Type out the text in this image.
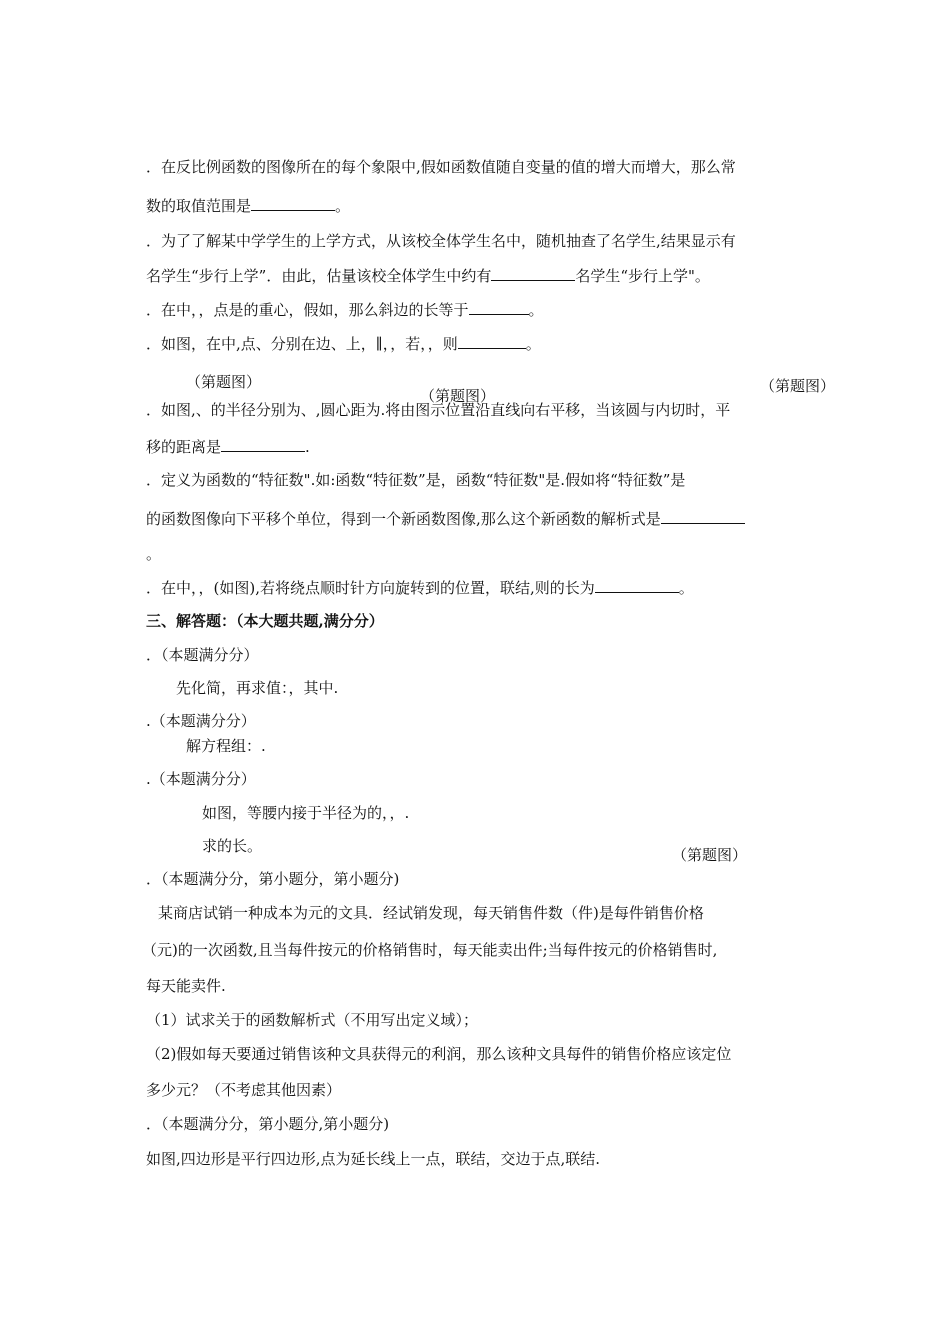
．在反比例函数的图像所在的每个象限中,假如函数值随自变量的值的增大而增大，那么常
数的取值范围是	。
．为了了解某中学学生的上学方式，从该校全体学生名中，随机抽查了名学生,结果显示有
名学生“步行上学”．由此，估量该校全体学生中约有	名学生“步行上学"。
．在中，，点是的重心，假如，那么斜边的长等于	。
．如图，在中,点、分别在边、上，∥，，若，，则	。
（第题图）
（第题图）
（第题图）
．如图,、的半径分别为、,圆心距为.将由图示位置沿直线向右平移，当该圆与内切时，平
移的距离是	.
．定义为函数的“特征数".如:函数“特征数”是，函数“特征数"是.假如将“特征数”是
的函数图像向下平移个单位，得到一个新函数图像,那么这个新函数的解析式是
。
．在中，，(如图),若将绕点顺时针方向旋转到的位置，联结,则的长为	。
三、解答题：（本大题共题,满分分）
．（本题满分分）
先化简，再求值：，其中.
.（本题满分分）
解方程组：.
.（本题满分分）
如图，等腰内接于半径为的，，.
求的长。	（第题图）
．（本题满分分，第小题分，第小题分)
某商店试销一种成本为元的文具．经试销发现，每天销售件数（件)是每件销售价格
（元)的一次函数,且当每件按元的价格销售时，每天能卖出件;当每件按元的价格销售时,
每天能卖件.
（1）试求关于的函数解析式（不用写出定义域）；
（2)假如每天要通过销售该种文具获得元的利润，那么该种文具每件的销售价格应该定位
多少元？（不考虑其他因素）
．（本题满分分，第小题分,第小题分)
如图,四边形是平行四边形,点为延长线上一点，联结，交边于点,联结.
